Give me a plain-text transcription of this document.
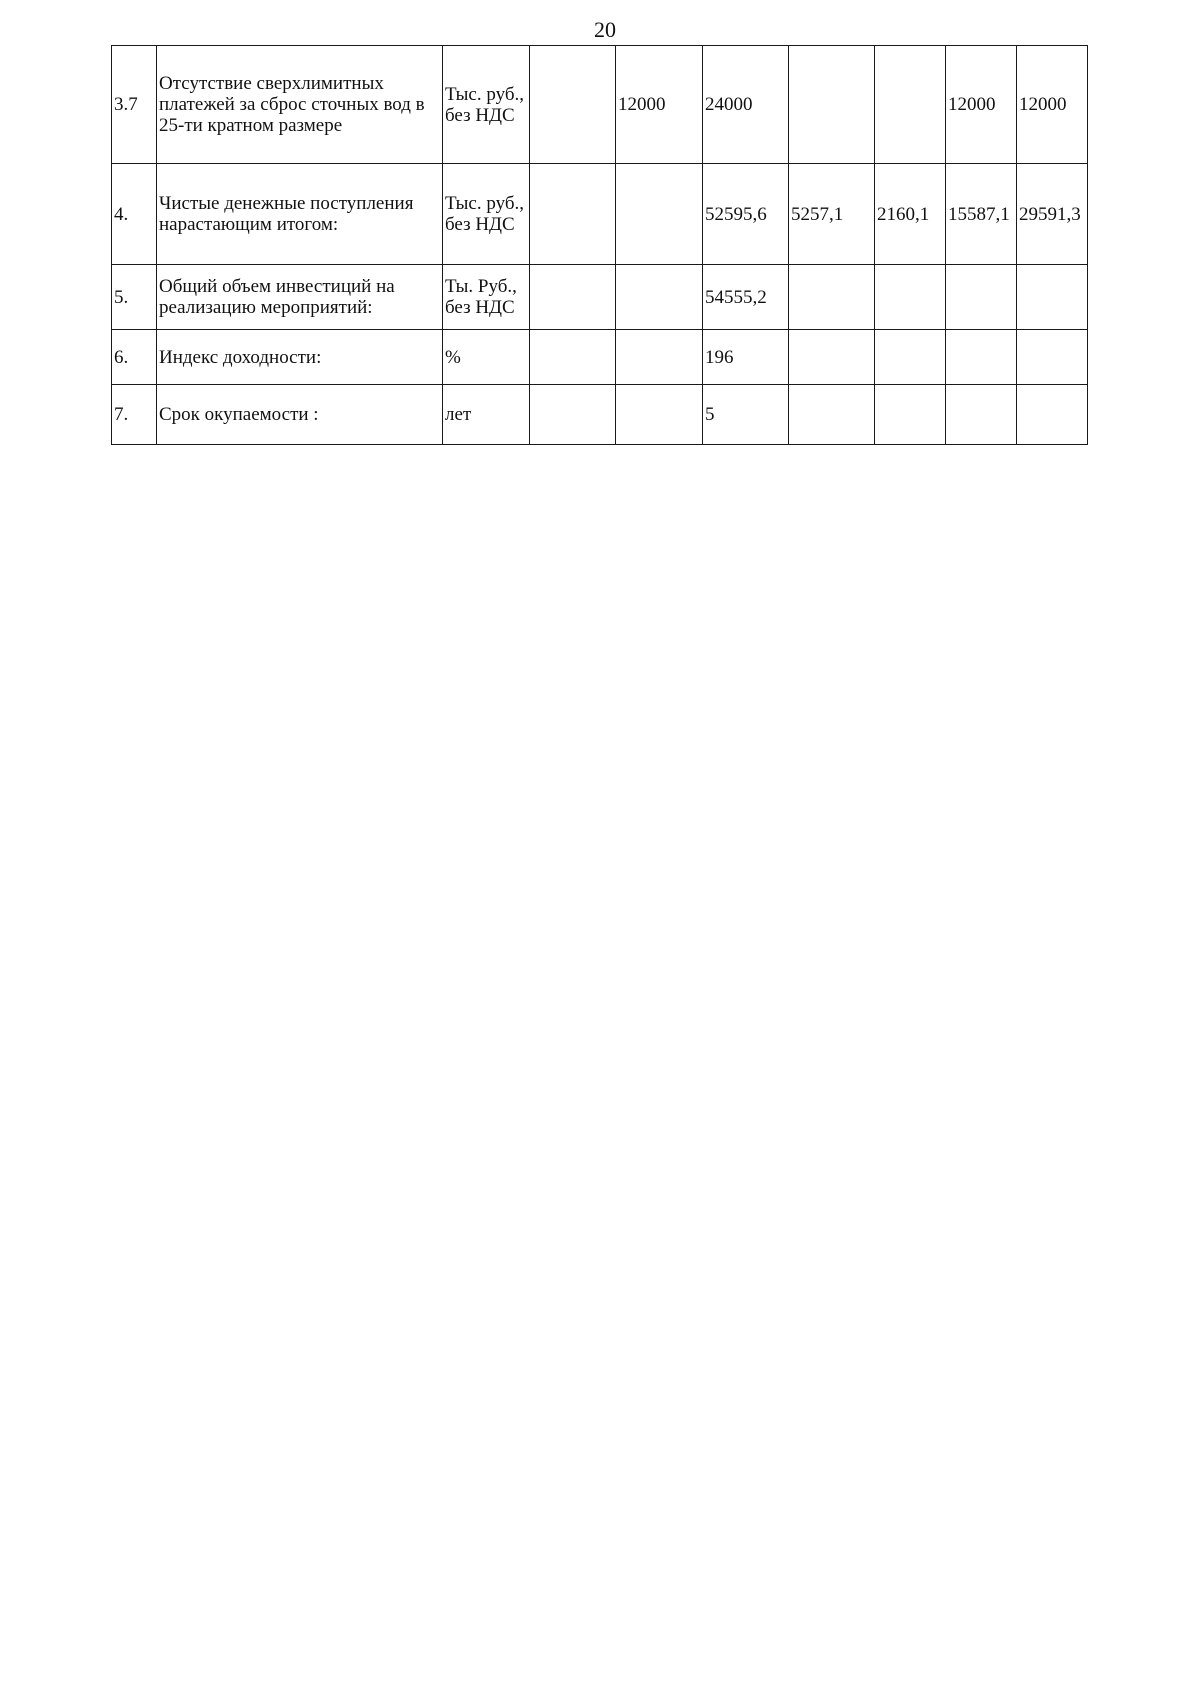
20
3.7	Отсутствие сверхлимитных платежей за сброс сточных вод в 25-ти кратном размере	Тыс. руб., без НДС		12000	24000			12000	12000
4.	Чистые денежные поступления нарастающим итогом:	Тыс. руб., без НДС			52595,6	5257,1	2160,1	15587,1	29591,3
5.	Общий объем инвестиций на реализацию мероприятий:	Ты. Руб., без НДС			54555,2				
6.	Индекс доходности:	%			196				
7.	Срок окупаемости :	лет			5				
